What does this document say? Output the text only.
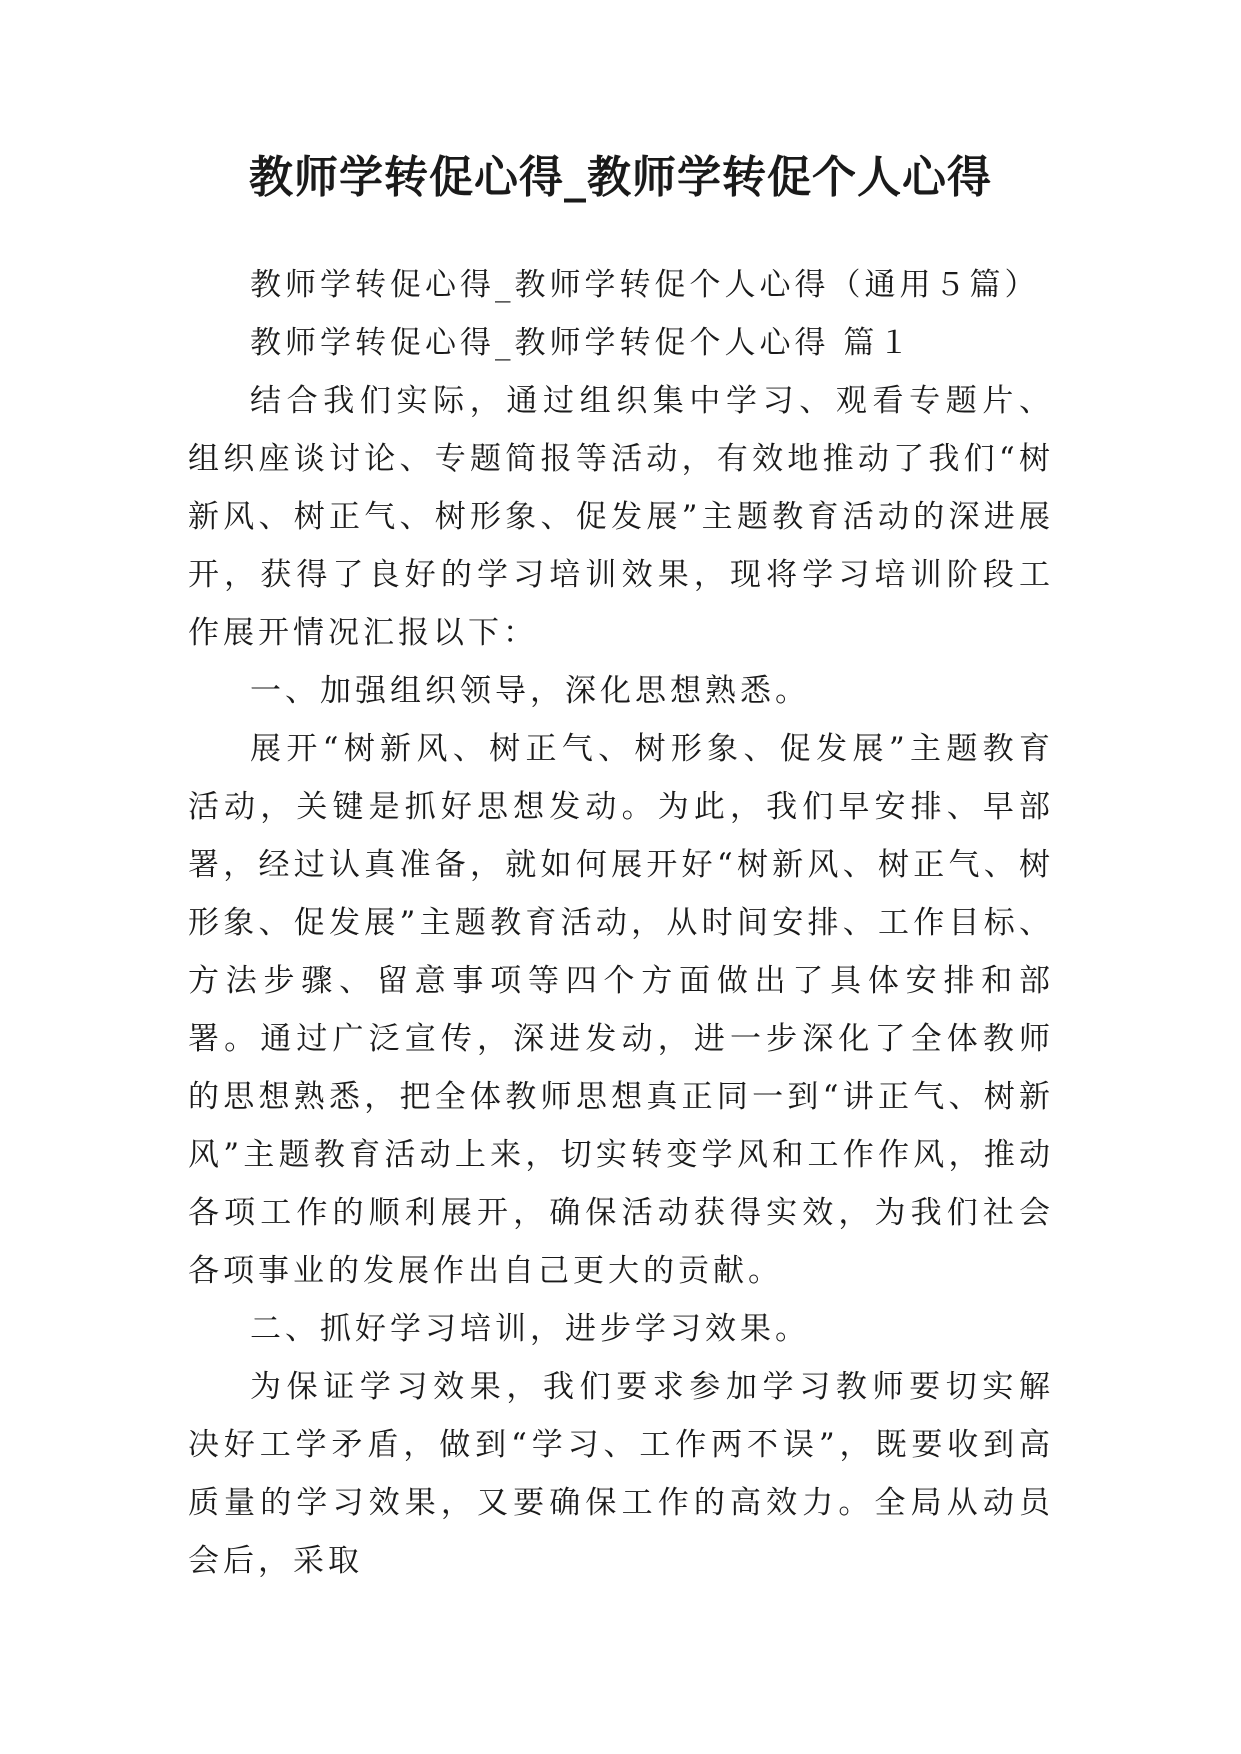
教师学转促心得_教师学转促个人心得

教师学转促心得_教师学转促个人心得（通用５篇）

教师学转促心得_教师学转促个人心得 篇１

结合我们实际，通过组织集中学习、观看专题片、组织座谈讨论、专题简报等活动，有效地推动了我们“树新风、树正气、树形象、促发展”主题教育活动的深进展开，获得了良好的学习培训效果，现将学习培训阶段工作展开情况汇报以下：

一、加强组织领导，深化思想熟悉。

展开“树新风、树正气、树形象、促发展”主题教育活动，关键是抓好思想发动。为此，我们早安排、早部署，经过认真准备，就如何展开好“树新风、树正气、树形象、促发展”主题教育活动，从时间安排、工作目标、方法步骤、留意事项等四个方面做出了具体安排和部署。通过广泛宣传，深进发动，进一步深化了全体教师的思想熟悉，把全体教师思想真正同一到“讲正气、树新风”主题教育活动上来，切实转变学风和工作作风，推动各项工作的顺利展开，确保活动获得实效，为我们社会各项事业的发展作出自己更大的贡献。

二、抓好学习培训，进步学习效果。

为保证学习效果，我们要求参加学习教师要切实解决好工学矛盾，做到“学习、工作两不误”，既要收到高质量的学习效果，又要确保工作的高效力。全局从动员会后，采取
